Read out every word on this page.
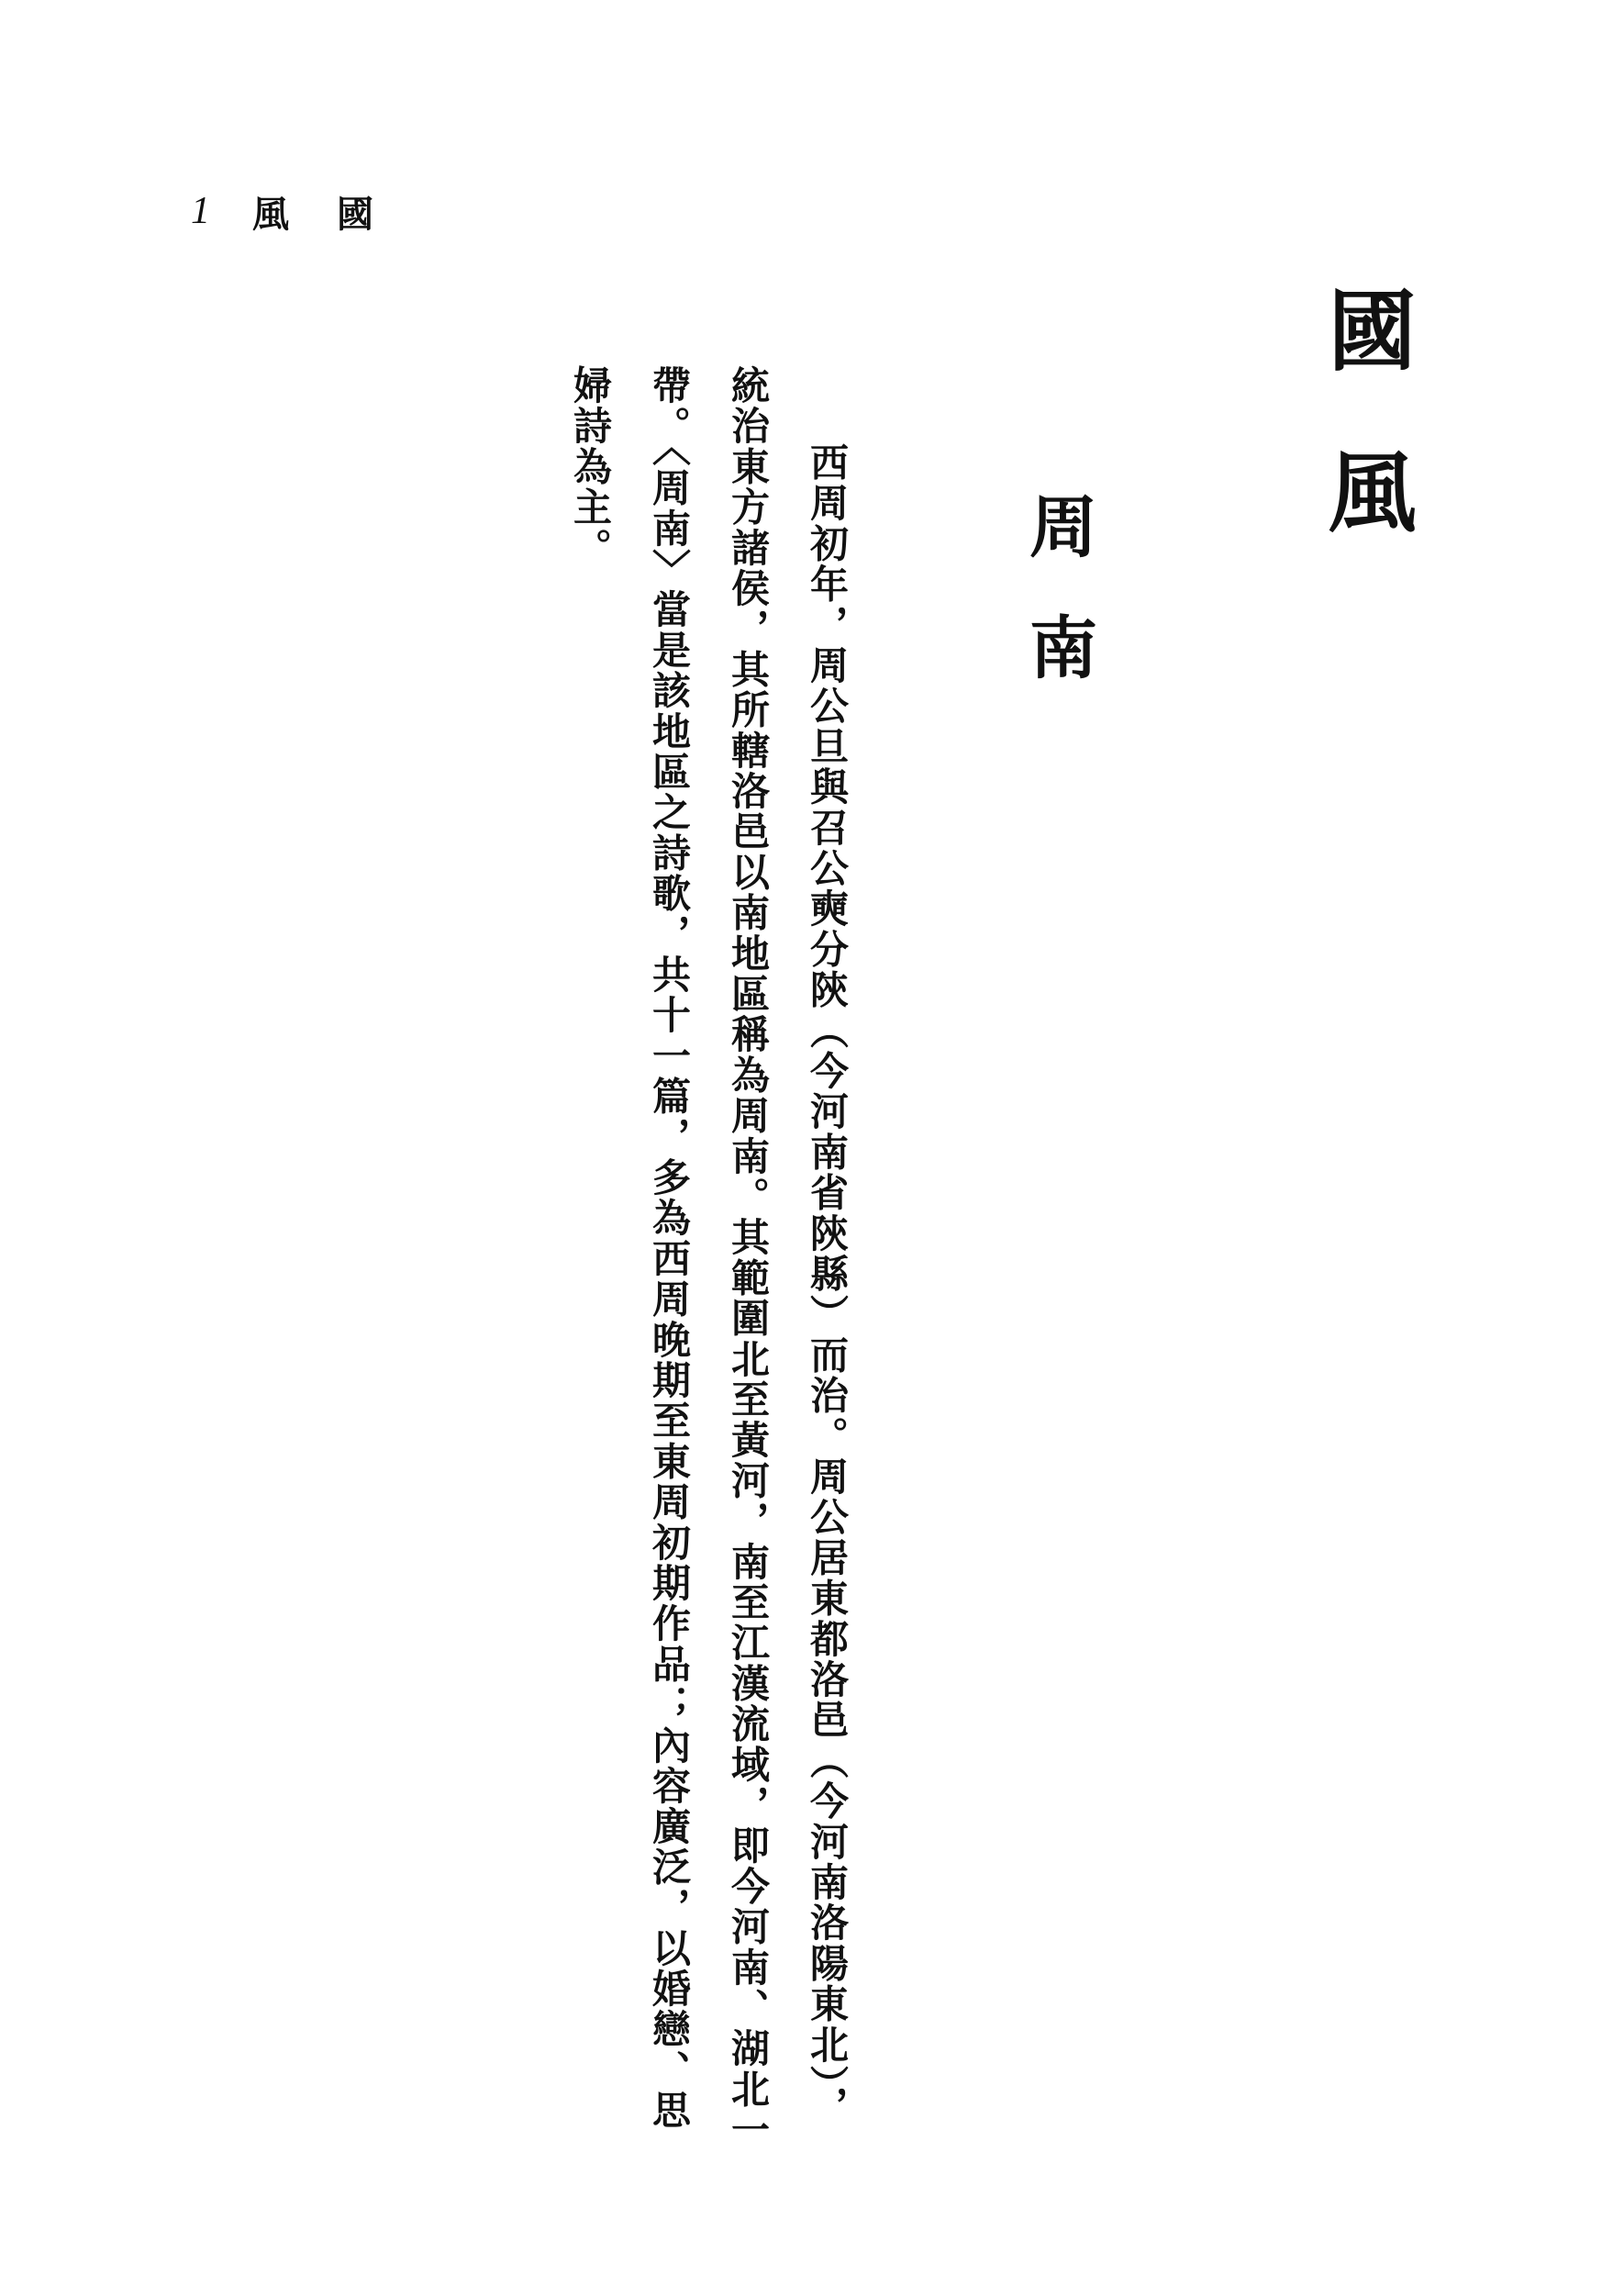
1 風國
國風
周南
西周初年，周公旦與召公奭分陝（今河南省陝縣）而治。周公居東都洛邑（今河南洛陽東北），統治東方諸侯，其所轄洛邑以南地區稱為周南。其範圍北至黃河，南至江漢流域，即今河南、湖北一帶。〈周南〉當是該地區之詩歌，共十一篇，多為西周晚期至東周初期作品；內容廣泛，以婚戀、思婦詩為主。
